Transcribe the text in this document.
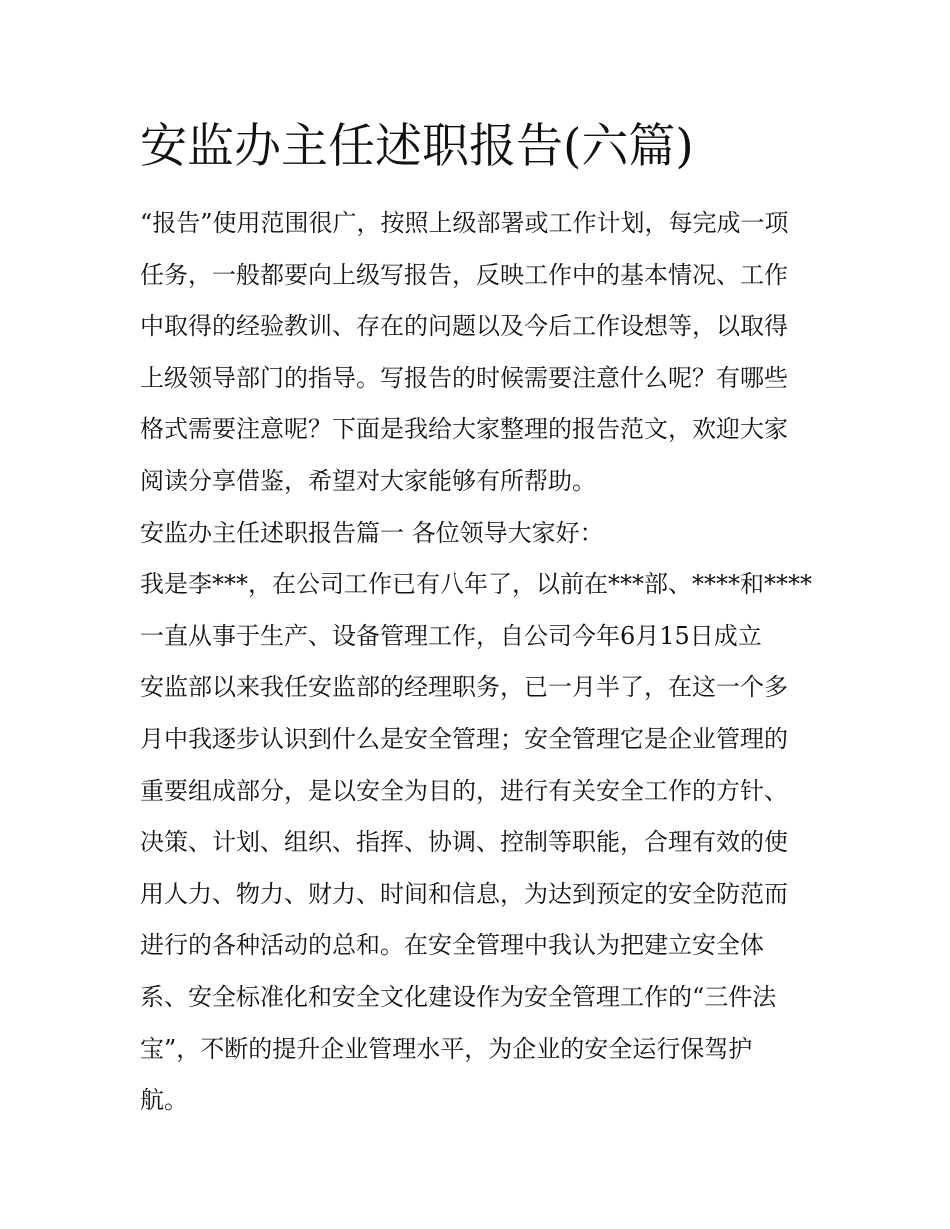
安监办主任述职报告(六篇)
“报告”使用范围很广，按照上级部署或工作计划，每完成一项
任务，一般都要向上级写报告，反映工作中的基本情况、工作
中取得的经验教训、存在的问题以及今后工作设想等，以取得
上级领导部门的指导。写报告的时候需要注意什么呢？有哪些
格式需要注意呢？下面是我给大家整理的报告范文，欢迎大家
阅读分享借鉴，希望对大家能够有所帮助。
安监办主任述职报告篇一 各位领导大家好：
我是李***，在公司工作已有八年了，以前在***部、****和****
一直从事于生产、设备管理工作，自公司今年6月15日成立
安监部以来我任安监部的经理职务，已一月半了，在这一个多
月中我逐步认识到什么是安全管理；安全管理它是企业管理的
重要组成部分，是以安全为目的，进行有关安全工作的方针、
决策、计划、组织、指挥、协调、控制等职能，合理有效的使
用人力、物力、财力、时间和信息，为达到预定的安全防范而
进行的各种活动的总和。在安全管理中我认为把建立安全体
系、安全标准化和安全文化建设作为安全管理工作的“三件法
宝”，不断的提升企业管理水平，为企业的安全运行保驾护
航。
